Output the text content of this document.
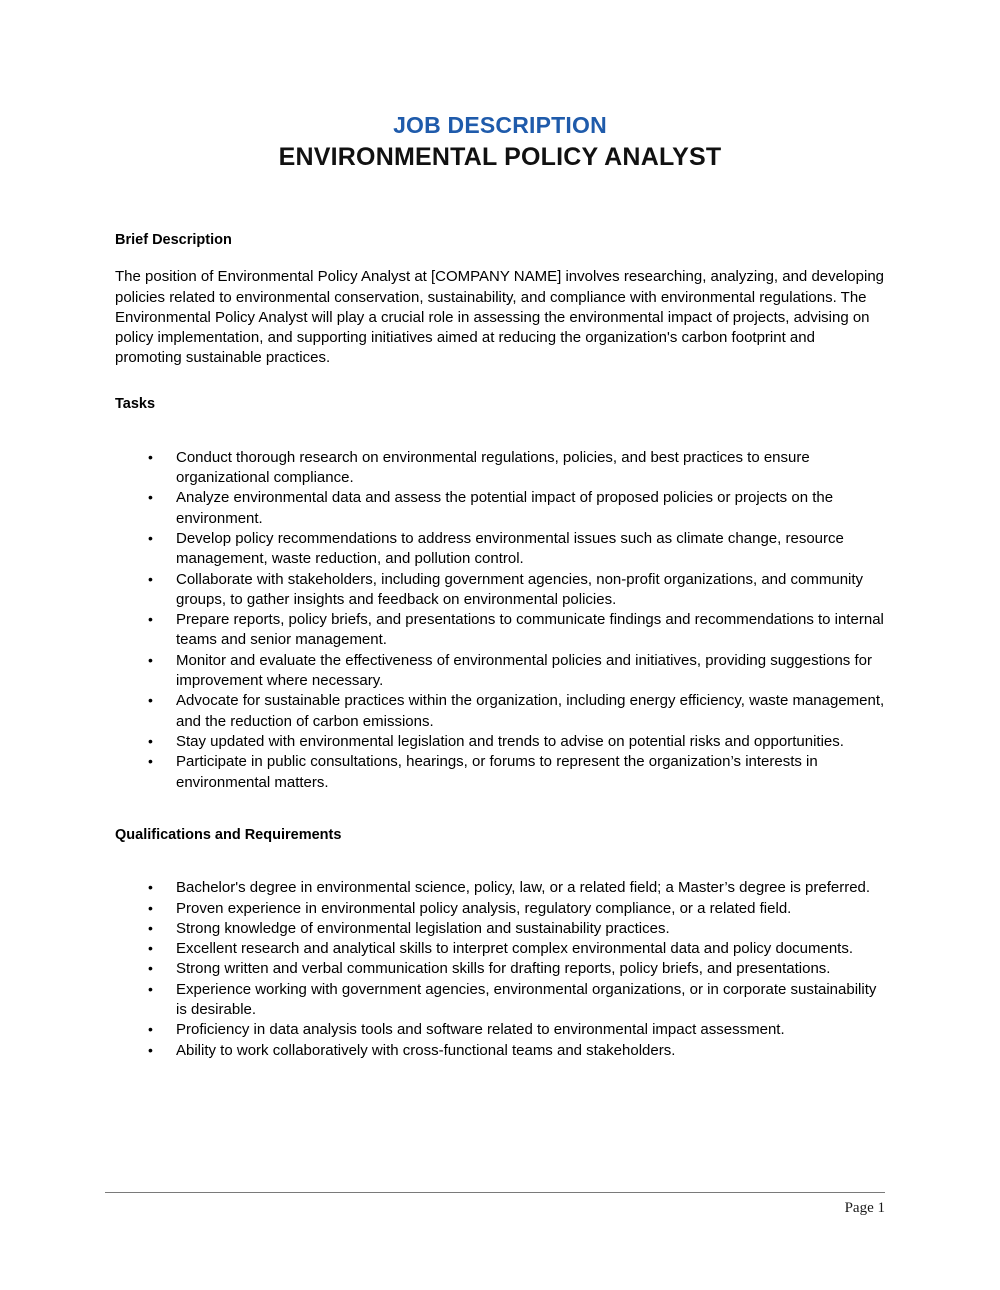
JOB DESCRIPTION
ENVIRONMENTAL POLICY ANALYST
Brief Description

The position of Environmental Policy Analyst at [COMPANY NAME] involves researching, analyzing, and developing policies related to environmental conservation, sustainability, and compliance with environmental regulations. The Environmental Policy Analyst will play a crucial role in assessing the environmental impact of projects, advising on policy implementation, and supporting initiatives aimed at reducing the organization's carbon footprint and promoting sustainable practices.

Tasks
• Conduct thorough research on environmental regulations, policies, and best practices to ensure organizational compliance.
• Analyze environmental data and assess the potential impact of proposed policies or projects on the environment.
• Develop policy recommendations to address environmental issues such as climate change, resource management, waste reduction, and pollution control.
• Collaborate with stakeholders, including government agencies, non-profit organizations, and community groups, to gather insights and feedback on environmental policies.
• Prepare reports, policy briefs, and presentations to communicate findings and recommendations to internal teams and senior management.
• Monitor and evaluate the effectiveness of environmental policies and initiatives, providing suggestions for improvement where necessary.
• Advocate for sustainable practices within the organization, including energy efficiency, waste management, and the reduction of carbon emissions.
• Stay updated with environmental legislation and trends to advise on potential risks and opportunities.
• Participate in public consultations, hearings, or forums to represent the organization’s interests in environmental matters.
Qualifications and Requirements
• Bachelor's degree in environmental science, policy, law, or a related field; a Master’s degree is preferred.
• Proven experience in environmental policy analysis, regulatory compliance, or a related field.
• Strong knowledge of environmental legislation and sustainability practices.
• Excellent research and analytical skills to interpret complex environmental data and policy documents.
• Strong written and verbal communication skills for drafting reports, policy briefs, and presentations.
• Experience working with government agencies, environmental organizations, or in corporate sustainability is desirable.
• Proficiency in data analysis tools and software related to environmental impact assessment.
• Ability to work collaboratively with cross-functional teams and stakeholders.
Page 1
